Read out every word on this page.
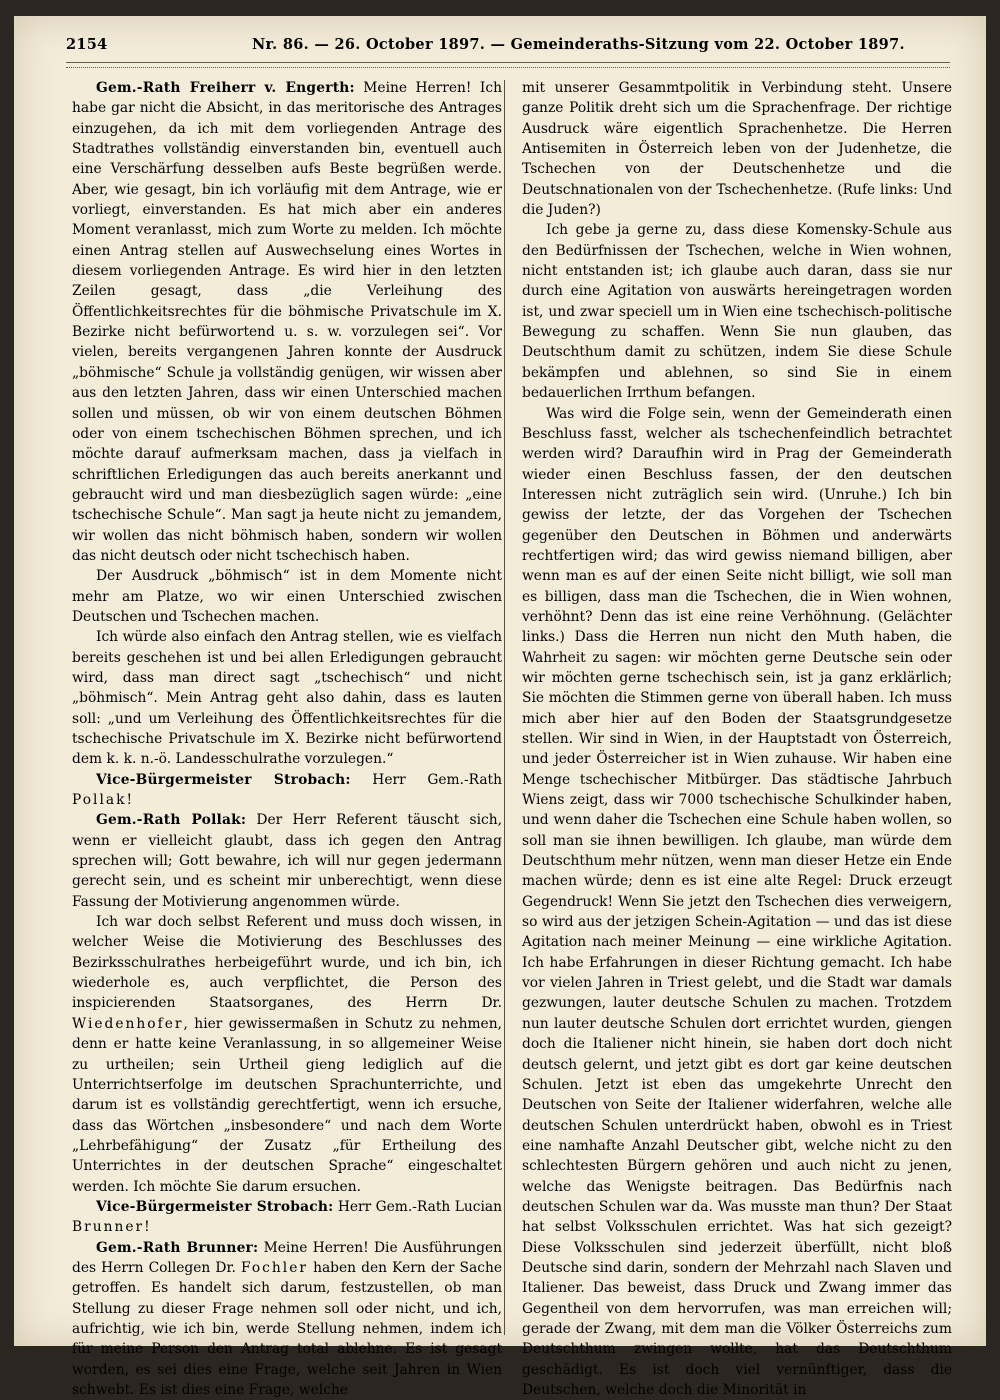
2154	Nr. 86. — 26. October 1897. — Gemeinderaths-Sitzung vom 22. October 1897.

Gem.-Rath Freiherr v. Engerth: Meine Herren! Ich habe gar nicht die Absicht, in das meritorische des Antrages einzugehen, da ich mit dem vorliegenden Antrage des Stadtrathes vollständig einverstanden bin, eventuell auch eine Verschärfung desselben aufs Beste begrüßen werde. Aber, wie gesagt, bin ich vorläufig mit dem Antrage, wie er vorliegt, einverstanden. Es hat mich aber ein anderes Moment veranlasst, mich zum Worte zu melden. Ich möchte einen Antrag stellen auf Auswechselung eines Wortes in diesem vorliegenden Antrage. Es wird hier in den letzten Zeilen gesagt, dass „die Verleihung des Öffentlichkeitsrechtes für die böhmische Privatschule im X. Bezirke nicht befürwortend u. s. w. vorzulegen sei“. Vor vielen, bereits vergangenen Jahren konnte der Ausdruck „böhmische“ Schule ja vollständig genügen, wir wissen aber aus den letzten Jahren, dass wir einen Unterschied machen sollen und müssen, ob wir von einem deutschen Böhmen oder von einem tschechischen Böhmen sprechen, und ich möchte darauf aufmerksam machen, dass ja vielfach in schriftlichen Erledigungen das auch bereits anerkannt und gebraucht wird und man diesbezüglich sagen würde: „eine tschechische Schule“. Man sagt ja heute nicht zu jemandem, wir wollen das nicht böhmisch haben, sondern wir wollen das nicht deutsch oder nicht tschechisch haben.

Der Ausdruck „böhmisch“ ist in dem Momente nicht mehr am Platze, wo wir einen Unterschied zwischen Deutschen und Tschechen machen.

Ich würde also einfach den Antrag stellen, wie es vielfach bereits geschehen ist und bei allen Erledigungen gebraucht wird, dass man direct sagt „tschechisch“ und nicht „böhmisch“. Mein Antrag geht also dahin, dass es lauten soll: „und um Verleihung des Öffentlichkeitsrechtes für die tschechische Privatschule im X. Bezirke nicht befürwortend dem k. k. n.-ö. Landesschulrathe vorzulegen.“

Vice-Bürgermeister Strobach: Herr Gem.-Rath Pollak!

Gem.-Rath Pollak: Der Herr Referent täuscht sich, wenn er vielleicht glaubt, dass ich gegen den Antrag sprechen will; Gott bewahre, ich will nur gegen jedermann gerecht sein, und es scheint mir unberechtigt, wenn diese Fassung der Motivierung angenommen würde.

Ich war doch selbst Referent und muss doch wissen, in welcher Weise die Motivierung des Beschlusses des Bezirksschulrathes herbeigeführt wurde, und ich bin, ich wiederhole es, auch verpflichtet, die Person des inspicierenden Staatsorganes, des Herrn Dr. Wiedenhofer, hier gewissermaßen in Schutz zu nehmen, denn er hatte keine Veranlassung, in so allgemeiner Weise zu urtheilen; sein Urtheil gieng lediglich auf die Unterrichtserfolge im deutschen Sprachunterrichte, und darum ist es vollständig gerechtfertigt, wenn ich ersuche, dass das Wörtchen „insbesondere“ und nach dem Worte „Lehrbefähigung“ der Zusatz „für Ertheilung des Unterrichtes in der deutschen Sprache“ eingeschaltet werden. Ich möchte Sie darum ersuchen.

Vice-Bürgermeister Strobach: Herr Gem.-Rath Lucian Brunner!

Gem.-Rath Brunner: Meine Herren! Die Ausführungen des Herrn Collegen Dr. Fochler haben den Kern der Sache getroffen. Es handelt sich darum, festzustellen, ob man Stellung zu dieser Frage nehmen soll oder nicht, und ich, aufrichtig, wie ich bin, werde Stellung nehmen, indem ich für meine Person den Antrag total ablehne. Es ist gesagt worden, es sei dies eine Frage, welche seit Jahren in Wien schwebt. Es ist dies eine Frage, welche

mit unserer Gesammtpolitik in Verbindung steht. Unsere ganze Politik dreht sich um die Sprachenfrage. Der richtige Ausdruck wäre eigentlich Sprachenhetze. Die Herren Antisemiten in Österreich leben von der Judenhetze, die Tschechen von der Deutschenhetze und die Deutschnationalen von der Tschechenhetze. (Rufe links: Und die Juden?)

Ich gebe ja gerne zu, dass diese Komensky-Schule aus den Bedürfnissen der Tschechen, welche in Wien wohnen, nicht entstanden ist; ich glaube auch daran, dass sie nur durch eine Agitation von auswärts hereingetragen worden ist, und zwar speciell um in Wien eine tschechisch-politische Bewegung zu schaffen. Wenn Sie nun glauben, das Deutschthum damit zu schützen, indem Sie diese Schule bekämpfen und ablehnen, so sind Sie in einem bedauerlichen Irrthum befangen.

Was wird die Folge sein, wenn der Gemeinderath einen Beschluss fasst, welcher als tschechenfeindlich betrachtet werden wird? Daraufhin wird in Prag der Gemeinderath wieder einen Beschluss fassen, der den deutschen Interessen nicht zuträglich sein wird. (Unruhe.) Ich bin gewiss der letzte, der das Vorgehen der Tschechen gegenüber den Deutschen in Böhmen und anderwärts rechtfertigen wird; das wird gewiss niemand billigen, aber wenn man es auf der einen Seite nicht billigt, wie soll man es billigen, dass man die Tschechen, die in Wien wohnen, verhöhnt? Denn das ist eine reine Verhöhnung. (Gelächter links.) Dass die Herren nun nicht den Muth haben, die Wahrheit zu sagen: wir möchten gerne Deutsche sein oder wir möchten gerne tschechisch sein, ist ja ganz erklärlich; Sie möchten die Stimmen gerne von überall haben. Ich muss mich aber hier auf den Boden der Staatsgrundgesetze stellen. Wir sind in Wien, in der Hauptstadt von Österreich, und jeder Österreicher ist in Wien zuhause. Wir haben eine Menge tschechischer Mitbürger. Das städtische Jahrbuch Wiens zeigt, dass wir 7000 tschechische Schulkinder haben, und wenn daher die Tschechen eine Schule haben wollen, so soll man sie ihnen bewilligen. Ich glaube, man würde dem Deutschthum mehr nützen, wenn man dieser Hetze ein Ende machen würde; denn es ist eine alte Regel: Druck erzeugt Gegendruck! Wenn Sie jetzt den Tschechen dies verweigern, so wird aus der jetzigen Schein-Agitation — und das ist diese Agitation nach meiner Meinung — eine wirkliche Agitation. Ich habe Erfahrungen in dieser Richtung gemacht. Ich habe vor vielen Jahren in Triest gelebt, und die Stadt war damals gezwungen, lauter deutsche Schulen zu machen. Trotzdem nun lauter deutsche Schulen dort errichtet wurden, giengen doch die Italiener nicht hinein, sie haben dort doch nicht deutsch gelernt, und jetzt gibt es dort gar keine deutschen Schulen. Jetzt ist eben das umgekehrte Unrecht den Deutschen von Seite der Italiener widerfahren, welche alle deutschen Schulen unterdrückt haben, obwohl es in Triest eine namhafte Anzahl Deutscher gibt, welche nicht zu den schlechtesten Bürgern gehören und auch nicht zu jenen, welche das Wenigste beitragen. Das Bedürfnis nach deutschen Schulen war da. Was musste man thun? Der Staat hat selbst Volksschulen errichtet. Was hat sich gezeigt? Diese Volksschulen sind jederzeit überfüllt, nicht bloß Deutsche sind darin, sondern der Mehrzahl nach Slaven und Italiener. Das beweist, dass Druck und Zwang immer das Gegentheil von dem hervorrufen, was man erreichen will; gerade der Zwang, mit dem man die Völker Österreichs zum Deutschthum zwingen wollte, hat das Deutschthum geschädigt. Es ist doch viel vernünftiger, dass die Deutschen, welche doch die Minorität in
